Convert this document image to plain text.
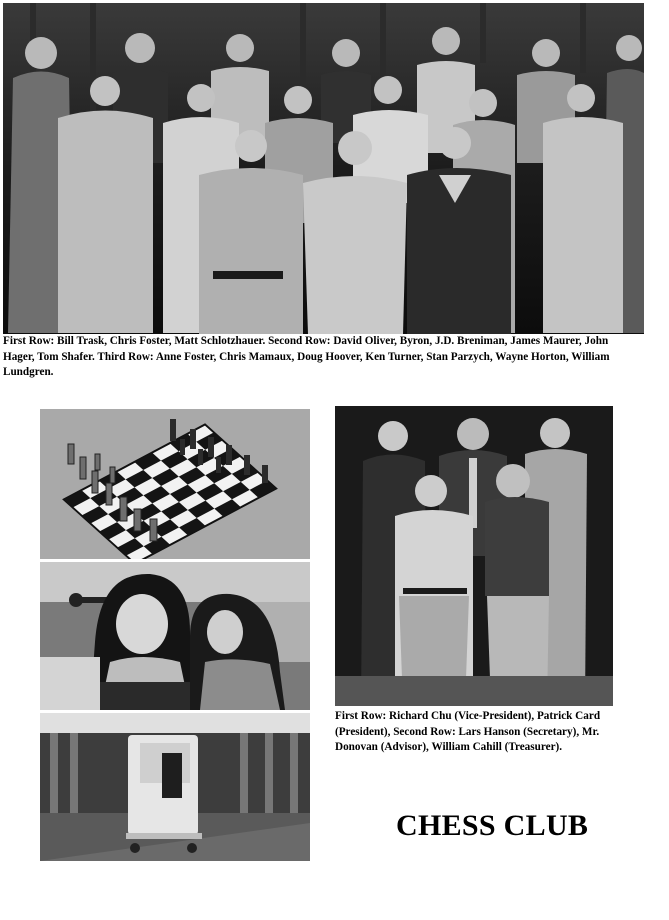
First Row: Bill Trask, Chris Foster, Matt Schlotzhauer. Second Row: David Oliver, Byron, J.D. Breniman, James Maurer, John Hager, Tom Shafer. Third Row: Anne Foster, Chris Mamaux, Doug Hoover, Ken Turner, Stan Parzych, Wayne Horton, William Lundgren.
First Row: Richard Chu (Vice-President), Patrick Card (President), Second Row: Lars Hanson (Secretary), Mr. Donovan (Advisor), William Cahill (Treasurer).
CHESS CLUB
